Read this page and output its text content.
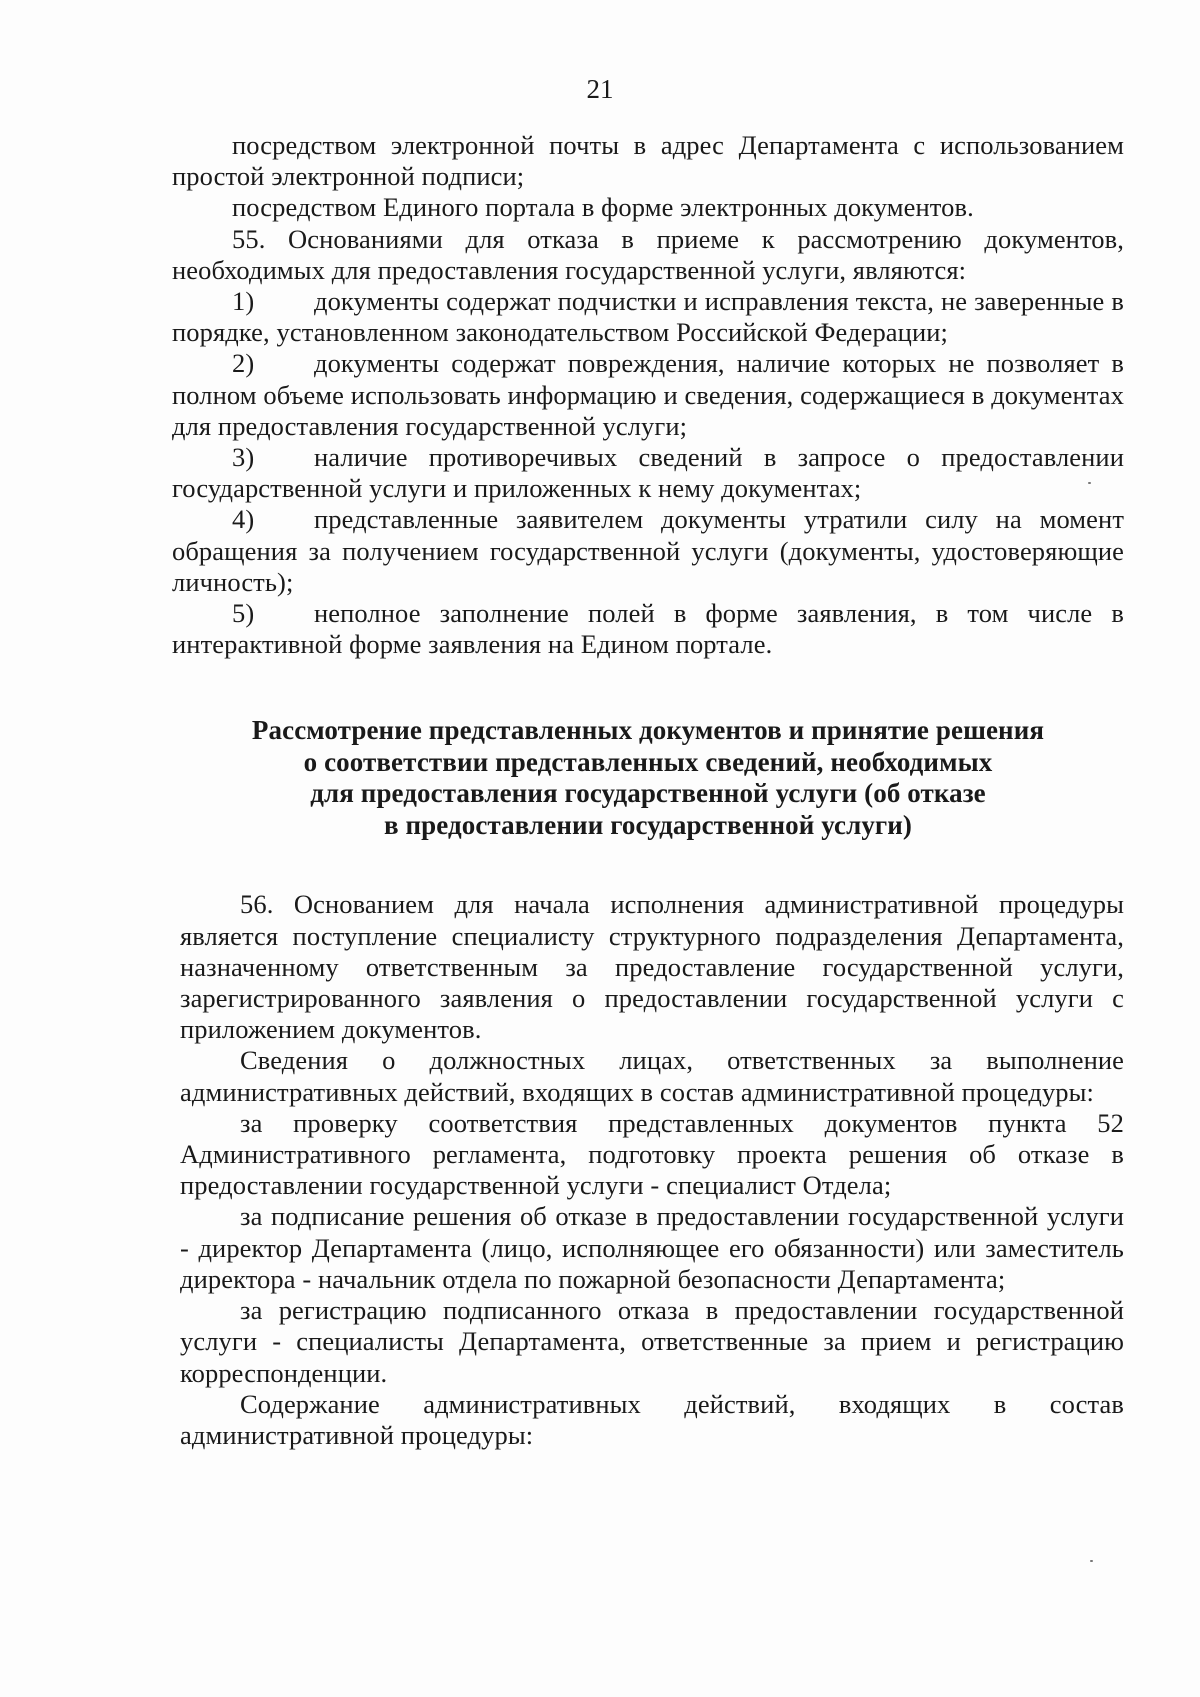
21

посредством электронной почты в адрес Департамента с использованием простой электронной подписи;

посредством Единого портала в форме электронных документов.

55. Основаниями для отказа в приеме к рассмотрению документов, необходимых для предоставления государственной услуги, являются:

1) документы содержат подчистки и исправления текста, не заверенные в порядке, установленном законодательством Российской Федерации;

2) документы содержат повреждения, наличие которых не позволяет в полном объеме использовать информацию и сведения, содержащиеся в документах для предоставления государственной услуги;

3) наличие противоречивых сведений в запросе о предоставлении государственной услуги и приложенных к нему документах;

4) представленные заявителем документы утратили силу на момент обращения за получением государственной услуги (документы, удостоверяющие личность);

5) неполное заполнение полей в форме заявления, в том числе в интерактивной форме заявления на Едином портале.

Рассмотрение представленных документов и принятие решения
о соответствии представленных сведений, необходимых
для предоставления государственной услуги (об отказе
в предоставлении государственной услуги)

56. Основанием для начала исполнения административной процедуры является поступление специалисту структурного подразделения Департамента, назначенному ответственным за предоставление государственной услуги, зарегистрированного заявления о предоставлении государственной услуги с приложением документов.

Сведения о должностных лицах, ответственных за выполнение административных действий, входящих в состав административной процедуры:

за проверку соответствия представленных документов пункта 52 Административного регламента, подготовку проекта решения об отказе в предоставлении государственной услуги - специалист Отдела;

за подписание решения об отказе в предоставлении государственной услуги - директор Департамента (лицо, исполняющее его обязанности) или заместитель директора - начальник отдела по пожарной безопасности Департамента;

за регистрацию подписанного отказа в предоставлении государственной услуги - специалисты Департамента, ответственные за прием и регистрацию корреспонденции.

Содержание административных действий, входящих в состав административной процедуры:
